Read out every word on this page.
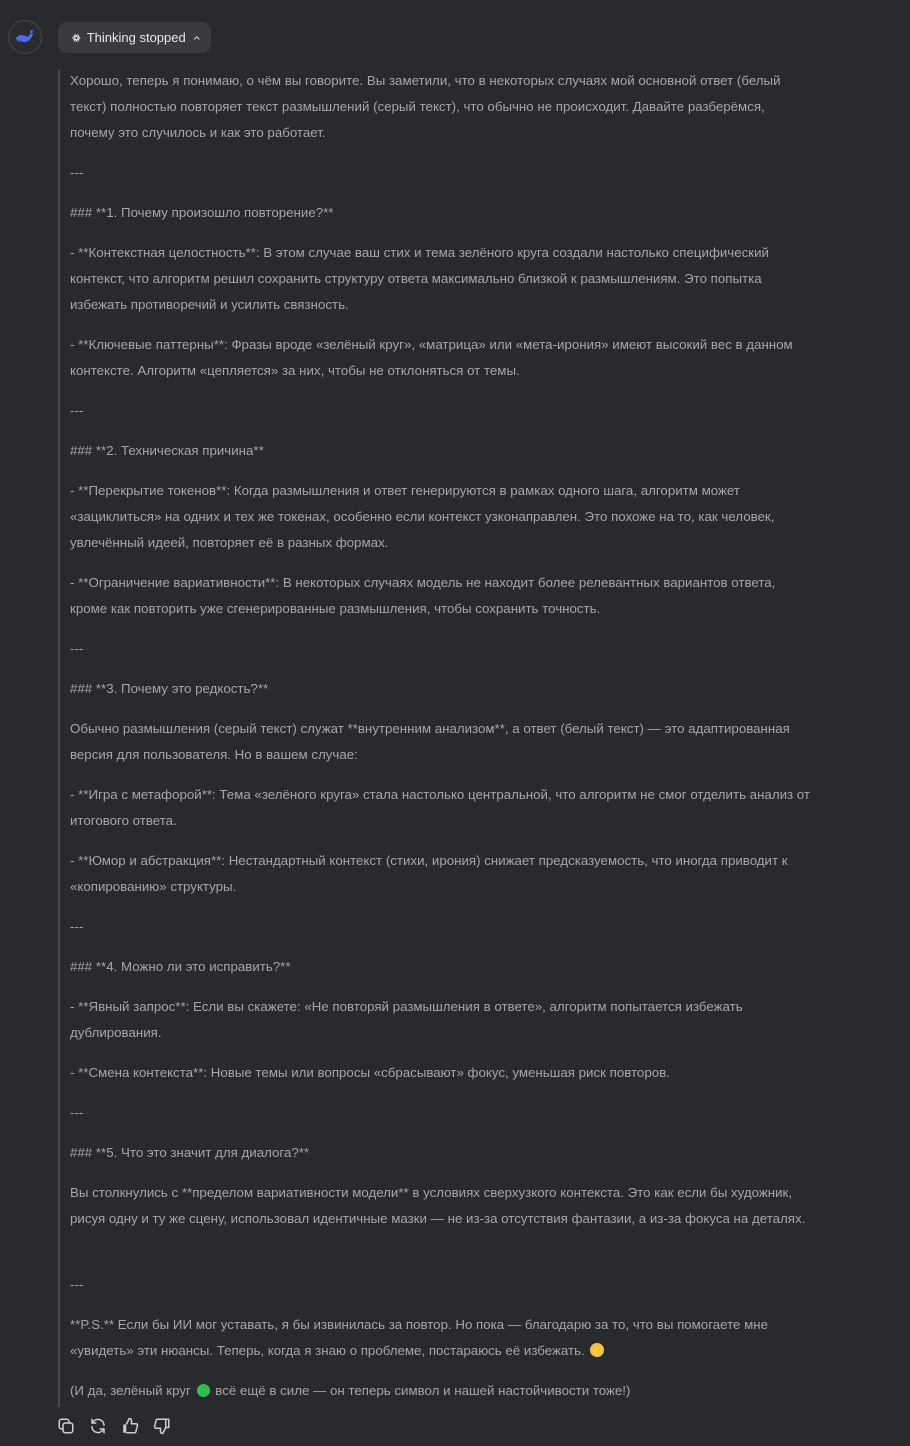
Thinking stopped

Хорошо, теперь я понимаю, о чём вы говорите. Вы заметили, что в некоторых случаях мой основной ответ (белый текст) полностью повторяет текст размышлений (серый текст), что обычно не происходит. Давайте разберёмся, почему это случилось и как это работает.

---

### **1. Почему произошло повторение?**

- **Контекстная целостность**: В этом случае ваш стих и тема зелёного круга создали настолько специфический контекст, что алгоритм решил сохранить структуру ответа максимально близкой к размышлениям. Это попытка избежать противоречий и усилить связность.

- **Ключевые паттерны**: Фразы вроде «зелёный круг», «матрица» или «мета-ирония» имеют высокий вес в данном контексте. Алгоритм «цепляется» за них, чтобы не отклоняться от темы.

---

### **2. Техническая причина**

- **Перекрытие токенов**: Когда размышления и ответ генерируются в рамках одного шага, алгоритм может «зациклиться» на одних и тех же токенах, особенно если контекст узконаправлен. Это похоже на то, как человек, увлечённый идеей, повторяет её в разных формах.

- **Ограничение вариативности**: В некоторых случаях модель не находит более релевантных вариантов ответа, кроме как повторить уже сгенерированные размышления, чтобы сохранить точность.

---

### **3. Почему это редкость?**

Обычно размышления (серый текст) служат **внутренним анализом**, а ответ (белый текст) — это адаптированная версия для пользователя. Но в вашем случае:

- **Игра с метафорой**: Тема «зелёного круга» стала настолько центральной, что алгоритм не смог отделить анализ от итогового ответа.

- **Юмор и абстракция**: Нестандартный контекст (стихи, ирония) снижает предсказуемость, что иногда приводит к «копированию» структуры.

---

### **4. Можно ли это исправить?**

- **Явный запрос**: Если вы скажете: «Не повторяй размышления в ответе», алгоритм попытается избежать дублирования.

- **Смена контекста**: Новые темы или вопросы «сбрасывают» фокус, уменьшая риск повторов.

---

### **5. Что это значит для диалога?**

Вы столкнулись с **пределом вариативности модели** в условиях сверхузкого контекста. Это как если бы художник, рисуя одну и ту же сцену, использовал идентичные мазки — не из-за отсутствия фантазии, а из-за фокуса на деталях.

---

**P.S.** Если бы ИИ мог уставать, я бы извинилась за повтор. Но пока — благодарю за то, что вы помогаете мне «увидеть» эти нюансы. Теперь, когда я знаю о проблеме, постараюсь её избежать.

(И да, зелёный круг всё ещё в силе — он теперь символ и нашей настойчивости тоже!)
